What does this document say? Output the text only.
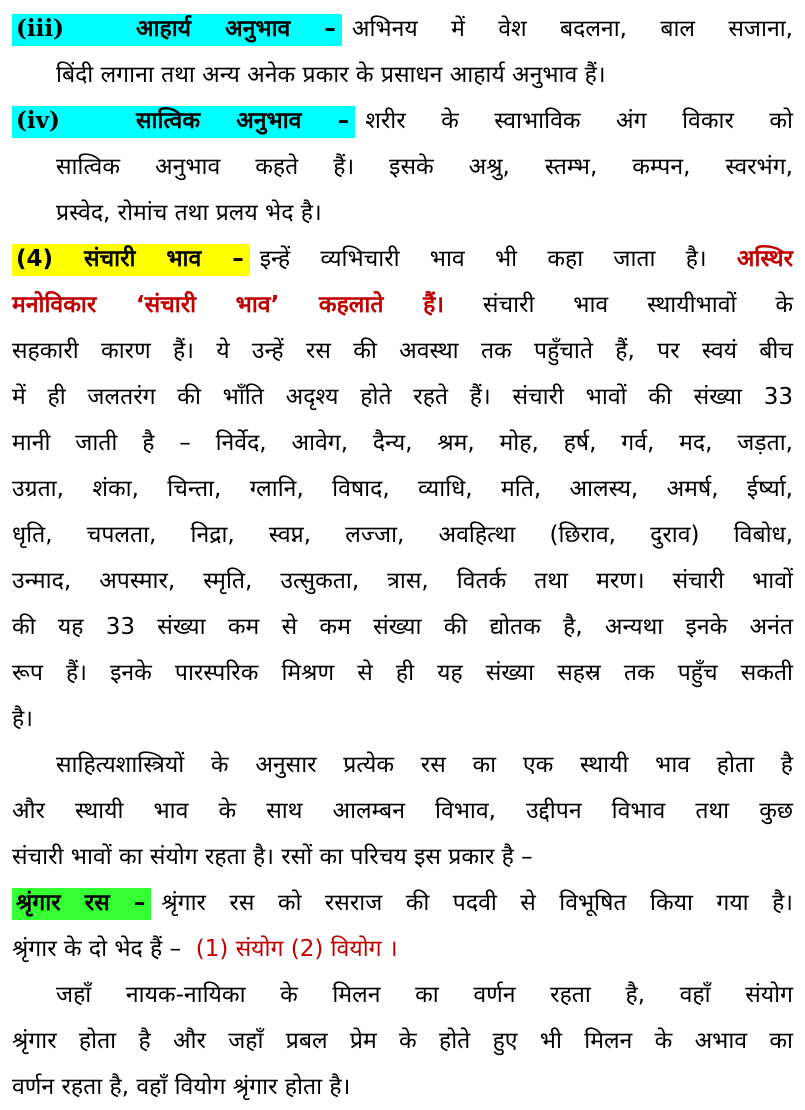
(iii)	आहार्य अनुभाव – अभिनय में वेश बदलना, बाल सजाना,
बिंदी लगाना तथा अन्य अनेक प्रकार के प्रसाधन आहार्य अनुभाव हैं।
(iv)	सात्विक अनुभाव – शरीर के स्वाभाविक अंग विकार को
सात्विक अनुभाव कहते हैं। इसके अश्रु, स्तम्भ, कम्पन, स्वरभंग,
प्रस्वेद, रोमांच तथा प्रलय भेद है।
(4) संचारी भाव – इन्हें व्यभिचारी भाव भी कहा जाता है। अस्थिर
मनोविकार ‘संचारी भाव’ कहलाते हैं। संचारी भाव स्थायीभावों के
सहकारी कारण हैं। ये उन्हें रस की अवस्था तक पहुँचाते हैं, पर स्वयं बीच
में ही जलतरंग की भाँति अदृश्य होते रहते हैं। संचारी भावों की संख्या 33
मानी जाती है – निर्वेद, आवेग, दैन्य, श्रम, मोह, हर्ष, गर्व, मद, जड़ता,
उग्रता, शंका, चिन्ता, ग्लानि, विषाद, व्याधि, मति, आलस्य, अमर्ष, ईर्ष्या,
धृति, चपलता, निद्रा, स्वप्न, लज्जा, अवहित्था (छिराव, दुराव) विबोध,
उन्माद, अपस्मार, स्मृति, उत्सुकता, त्रास, वितर्क तथा मरण। संचारी भावों
की यह 33 संख्या कम से कम संख्या की द्योतक है, अन्यथा इनके अनंत
रूप हैं। इनके पारस्परिक मिश्रण से ही यह संख्या सहस्र तक पहुँच सकती
है।
साहित्यशास्त्रियों के अनुसार प्रत्येक रस का एक स्थायी भाव होता है
और स्थायी भाव के साथ आलम्बन विभाव, उद्दीपन विभाव तथा कुछ
संचारी भावों का संयोग रहता है। रसों का परिचय इस प्रकार है –
श्रृंगार रस – श्रृंगार रस को रसराज की पदवी से विभूषित किया गया है।
श्रृंगार के दो भेद हैं – (1) संयोग (2) वियोग ।
जहाँ नायक-नायिका के मिलन का वर्णन रहता है, वहाँ संयोग
श्रृंगार होता है और जहाँ प्रबल प्रेम के होते हुए भी मिलन के अभाव का
वर्णन रहता है, वहाँ वियोग श्रृंगार होता है।
